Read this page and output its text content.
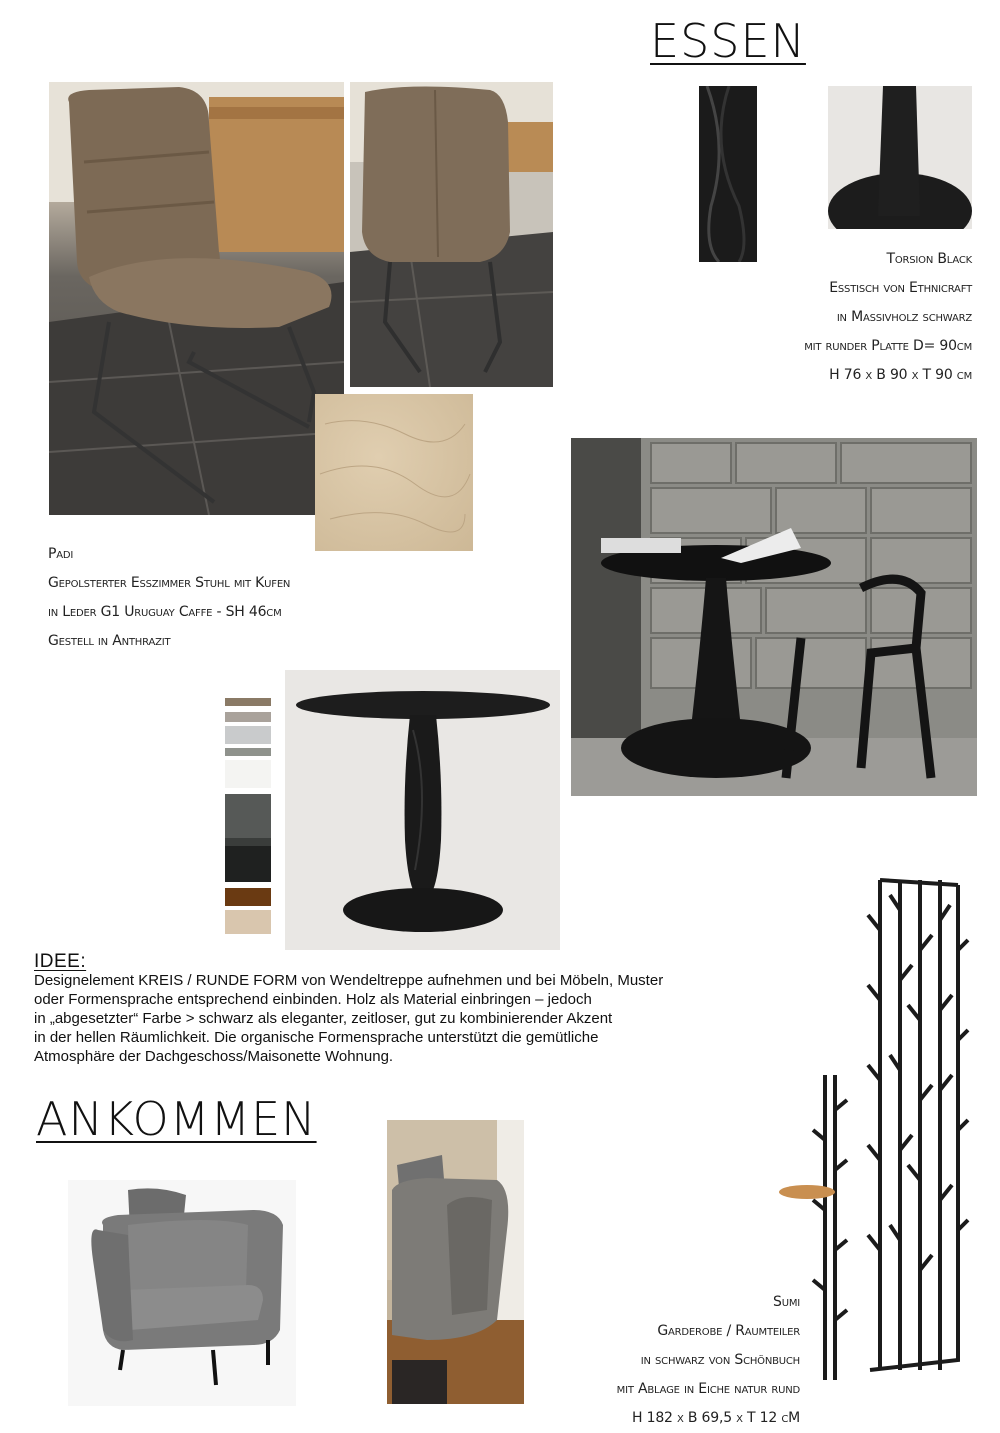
ESSEN
Padi
Gepolsterter Esszimmer Stuhl mit Kufen
in Leder G1 Uruguay Caffe - SH 46cm
Gestell in Anthrazit
Torsion Black
Esstisch von Ethnicraft
in Massivholz schwarz
mit runder Platte D= 90cm
H 76 x B 90 x T 90 cm
IDEE:
Designelement KREIS / RUNDE FORM von Wendeltreppe aufnehmen und bei Möbeln, Muster
oder Formensprache entsprechend einbinden. Holz als Material einbringen – jedoch
in „abgesetzter“ Farbe > schwarz als eleganter, zeitloser, gut zu kombinierender Akzent
in der hellen Räumlichkeit. Die organische Formensprache unterstützt die gemütliche
Atmosphäre der Dachgeschoss/Maisonette Wohnung.
ANKOMMEN
Sumi
Garderobe / Raumteiler
in schwarz von Schönbuch
mit Ablage in Eiche natur rund
H 182 x B 69,5 x T 12 cM
